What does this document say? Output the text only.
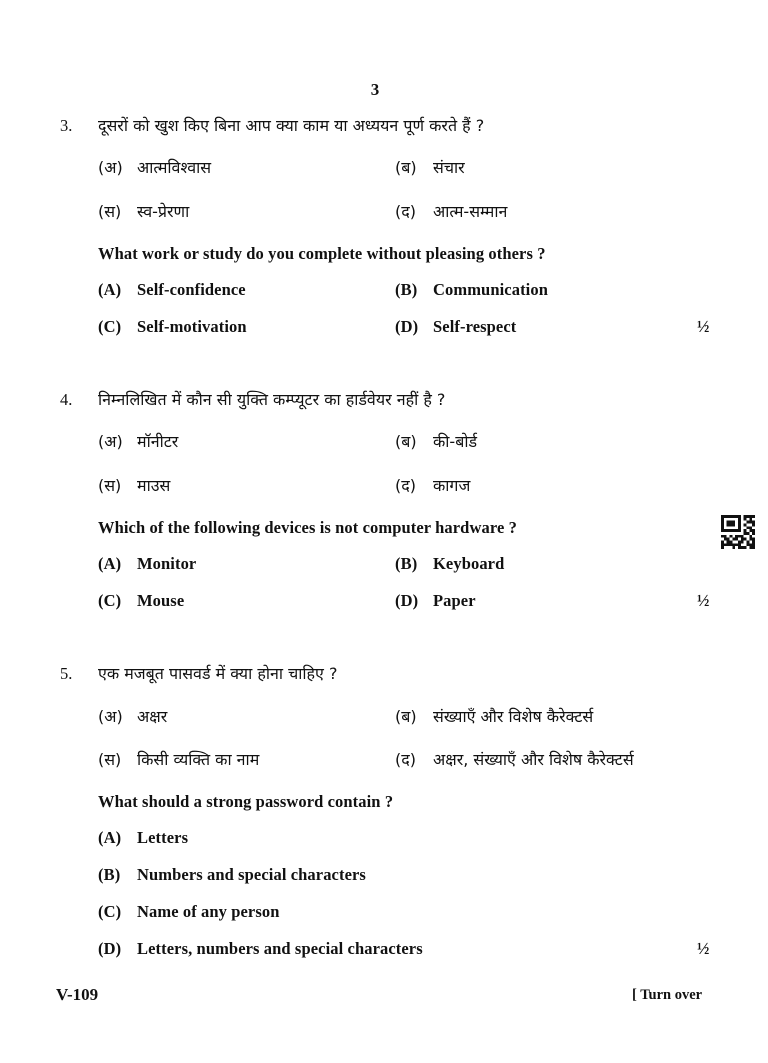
3
3. दूसरों को खुश किए बिना आप क्या काम या अध्ययन पूर्ण करते हैं ?
(अ) आत्मविश्वास	(ब) संचार
(स) स्व-प्रेरणा	(द) आत्म-सम्मान
What work or study do you complete without pleasing others ?
(A) Self-confidence	(B) Communication
(C) Self-motivation	(D) Self-respect	½
4. निम्नलिखित में कौन सी युक्ति कम्प्यूटर का हार्डवेयर नहीं है ?
(अ) मॉनीटर	(ब) की-बोर्ड
(स) माउस	(द) कागज
Which of the following devices is not computer hardware ?
(A) Monitor	(B) Keyboard
(C) Mouse	(D) Paper	½
5. एक मजबूत पासवर्ड में क्या होना चाहिए ?
(अ) अक्षर	(ब) संख्याएँ और विशेष कैरेक्टर्स
(स) किसी व्यक्ति का नाम	(द) अक्षर, संख्याएँ और विशेष कैरेक्टर्स
What should a strong password contain ?
(A) Letters
(B) Numbers and special characters
(C) Name of any person
(D) Letters, numbers and special characters	½
V-109	[ Turn over
